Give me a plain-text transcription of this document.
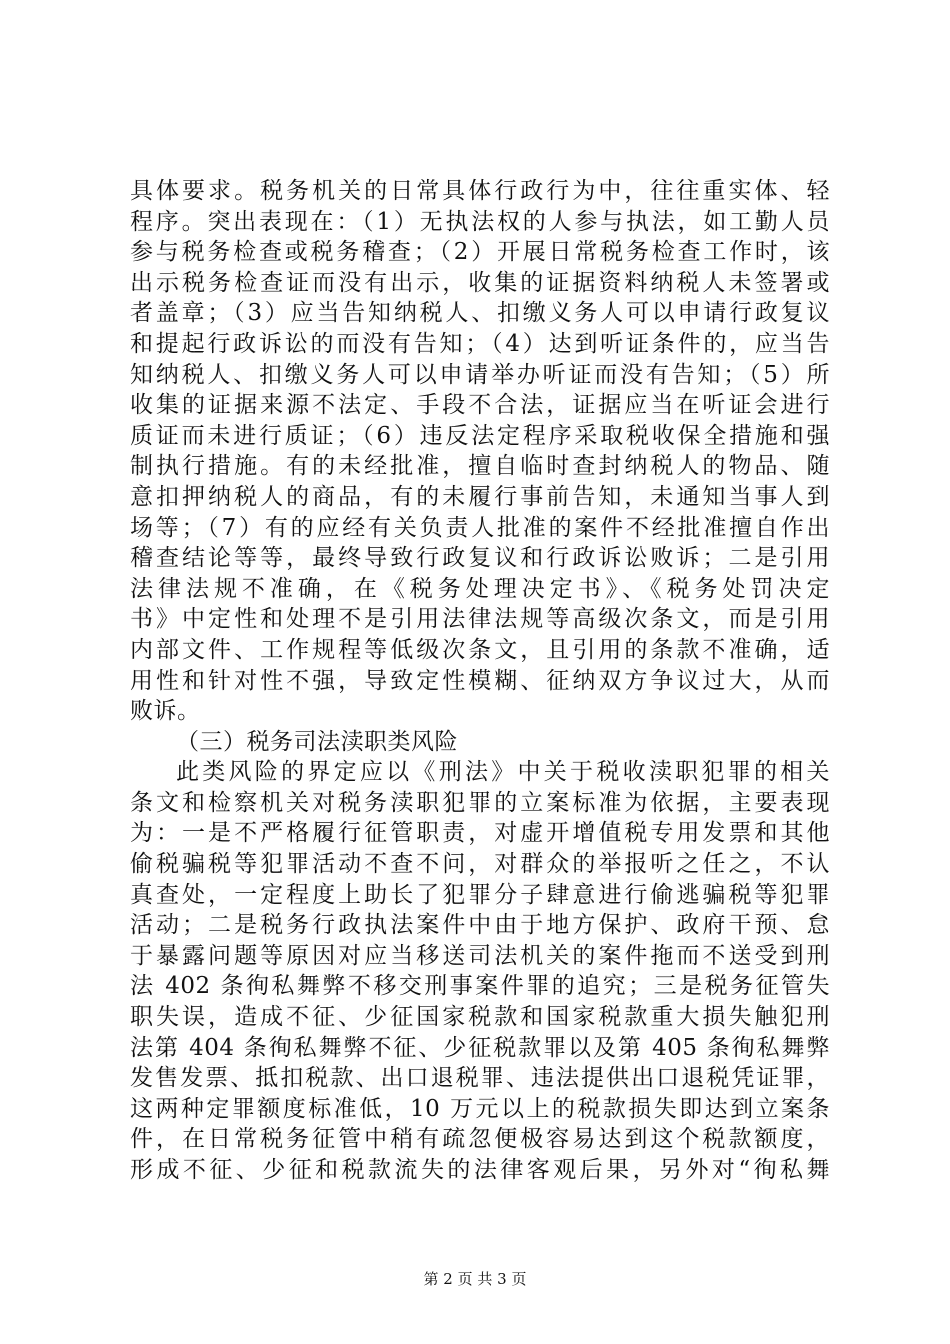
具体要求。税务机关的日常具体行政行为中，往往重实体、轻
程序。突出表现在：（1）无执法权的人参与执法，如工勤人员
参与税务检查或税务稽查；（2）开展日常税务检查工作时，该
出示税务检查证而没有出示，收集的证据资料纳税人未签署或
者盖章；（3）应当告知纳税人、扣缴义务人可以申请行政复议
和提起行政诉讼的而没有告知；（4）达到听证条件的，应当告
知纳税人、扣缴义务人可以申请举办听证而没有告知；（5）所
收集的证据来源不法定、手段不合法，证据应当在听证会进行
质证而未进行质证；（6）违反法定程序采取税收保全措施和强
制执行措施。有的未经批准，擅自临时查封纳税人的物品、随
意扣押纳税人的商品，有的未履行事前告知，未通知当事人到
场等；（7）有的应经有关负责人批准的案件不经批准擅自作出
稽查结论等等，最终导致行政复议和行政诉讼败诉；二是引用
法律法规不准确，在《税务处理决定书》、《税务处罚决定
书》中定性和处理不是引用法律法规等高级次条文，而是引用
内部文件、工作规程等低级次条文，且引用的条款不准确，适
用性和针对性不强，导致定性模糊、征纳双方争议过大，从而
败诉。
（三）税务司法渎职类风险
此类风险的界定应以《刑法》中关于税收渎职犯罪的相关
条文和检察机关对税务渎职犯罪的立案标准为依据，主要表现
为：一是不严格履行征管职责，对虚开增值税专用发票和其他
偷税骗税等犯罪活动不查不问，对群众的举报听之任之，不认
真查处，一定程度上助长了犯罪分子肆意进行偷逃骗税等犯罪
活动；二是税务行政执法案件中由于地方保护、政府干预、怠
于暴露问题等原因对应当移送司法机关的案件拖而不送受到刑
法 402 条徇私舞弊不移交刑事案件罪的追究；三是税务征管失
职失误，造成不征、少征国家税款和国家税款重大损失触犯刑
法第 404 条徇私舞弊不征、少征税款罪以及第 405 条徇私舞弊
发售发票、抵扣税款、出口退税罪、违法提供出口退税凭证罪，
这两种定罪额度标准低，10 万元以上的税款损失即达到立案条
件，在日常税务征管中稍有疏忽便极容易达到这个税款额度，
形成不征、少征和税款流失的法律客观后果，另外对“徇私舞
第 2 页 共 3 页
